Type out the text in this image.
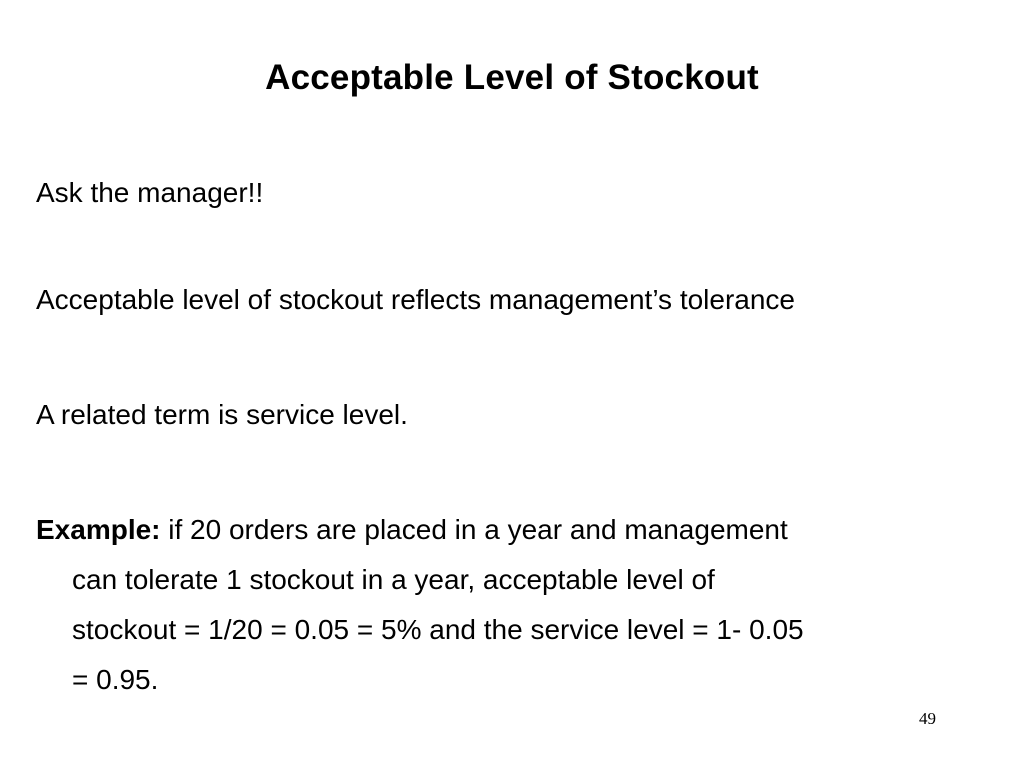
Acceptable Level of Stockout
Ask the manager!!
Acceptable level of stockout reflects management’s tolerance
A related term is service level.
Example: if 20 orders are placed in a year and management
can tolerate 1 stockout in a year, acceptable level of
stockout = 1/20 = 0.05 = 5% and the service level = 1- 0.05
= 0.95.
49
